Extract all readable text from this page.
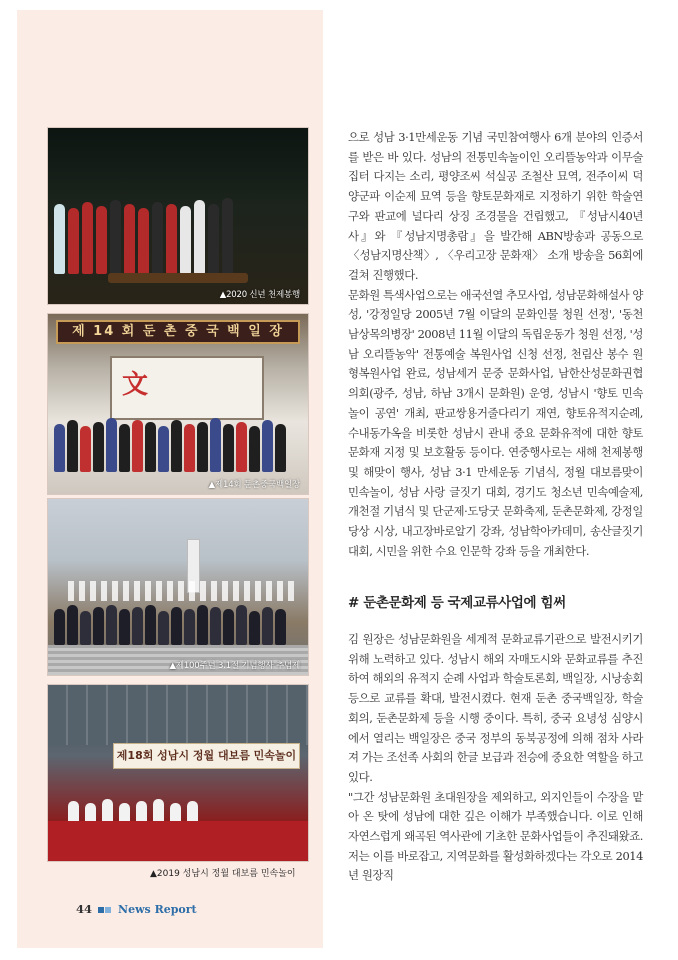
▲2020 신년 천제봉행
제 14 회 둔 촌 중 국 백 일 장
文
▲제14회 둔촌중국백일장
▲제100주년 3.1절 기념행사 추념제
제18회 성남시 정월 대보름 민속놀이
▲2019 성남시 정월 대보름 민속놀이

으로 성남 3·1만세운동 기념 국민참여행사 6개 분야의 인증서를 받은 바 있다. 성남의 전통민속놀이인 오리뜰농악과 이무술집터 다지는 소리, 평양조씨 석실공 조철산 묘역, 전주이씨 덕양군파 이순제 묘역 등을 향토문화재로 지정하기 위한 학술연구와 판교에 널다리 상징 조경물을 건립했고, 『성남시40년사』와 『성남지명총람』을 발간해 ABN방송과 공동으로 〈성남지명산책〉, 〈우리고장 문화재〉 소개 방송을 56회에 걸쳐 진행했다.

문화원 특색사업으로는 애국선열 추모사업, 성남문화해설사 양성, '강정일당 2005년 7월 이달의 문화인물 청원 선정', '동천 남상목의병장' 2008년 11월 이달의 독립운동가 청원 선정, '성남 오리뜰농악' 전통예술 복원사업 신청 선정, 천림산 봉수 원형복원사업 완료, 성남세거 문중 문화사업, 남한산성문화권협의회(광주, 성남, 하남 3개시 문화원) 운영, 성남시 '향토 민속놀이 공연' 개최, 판교쌍용거줄다리기 재연, 향토유적지순례, 수내동가옥을 비롯한 성남시 관내 중요 문화유적에 대한 향토문화재 지정 및 보호활동 등이다. 연중행사로는 새해 천제봉행 및 해맞이 행사, 성남 3·1 만세운동 기념식, 정월 대보름맞이 민속놀이, 성남 사랑 글짓기 대회, 경기도 청소년 민속예술제, 개천절 기념식 및 단군제·도당굿 문화축제, 둔촌문화제, 강정일당상 시상, 내고장바로알기 강좌, 성남학아카데미, 송산글짓기대회, 시민을 위한 수요 인문학 강좌 등을 개최한다.

# 둔촌문화제 등 국제교류사업에 힘써

김 원장은 성남문화원을 세계적 문화교류기관으로 발전시키기 위해 노력하고 있다. 성남시 해외 자매도시와 문화교류를 추진하여 해외의 유적지 순례 사업과 학술토론회, 백일장, 시낭송회 등으로 교류를 확대, 발전시켰다. 현재 둔촌 중국백일장, 학술회의, 둔촌문화제 등을 시행 중이다. 특히, 중국 요녕성 심양시에서 열리는 백일장은 중국 정부의 동북공정에 의해 점차 사라져 가는 조선족 사회의 한글 보급과 전승에 중요한 역할을 하고 있다.

"그간 성남문화원 초대원장을 제외하고, 외지인들이 수장을 맡아 온 탓에 성남에 대한 깊은 이해가 부족했습니다. 이로 인해 자연스럽게 왜곡된 역사관에 기초한 문화사업들이 추진돼왔죠. 저는 이를 바로잡고, 지역문화를 활성화하겠다는 각오로 2014년 원장직

44 News Report
